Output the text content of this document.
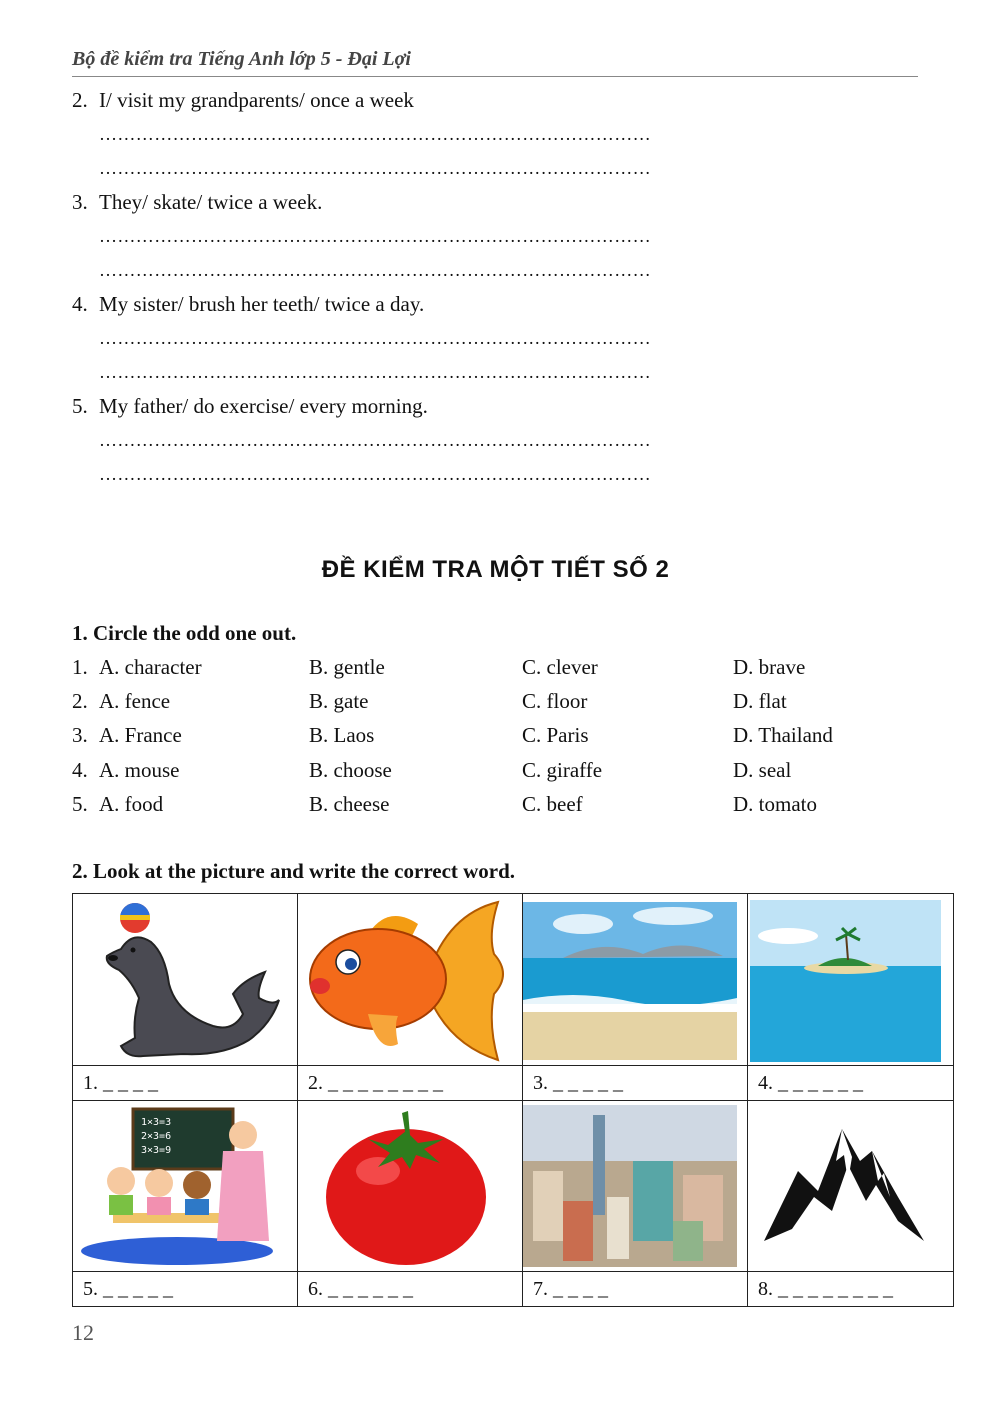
Bộ đề kiểm tra Tiếng Anh lớp 5 - Đại Lợi
2. I/ visit my grandparents/ once a week
………………………………………………………………………………
………………………………………………………………………………
3. They/ skate/ twice a week.
………………………………………………………………………………
………………………………………………………………………………
4. My sister/ brush her teeth/ twice a day.
………………………………………………………………………………
………………………………………………………………………………
5. My father/ do exercise/ every morning.
………………………………………………………………………………
………………………………………………………………………………
ĐỀ KIỂM TRA MỘT TIẾT SỐ 2
1. Circle the odd one out.
1. A. character	B. gentle	C. clever	D. brave
2. A. fence	B. gate	C. floor	D. flat
3. A. France	B. Laos	C. Paris	D. Thailand
4. A. mouse	B. choose	C. giraffe	D. seal
5. A. food	B. cheese	C. beef	D. tomato
2. Look at the picture and write the correct word.

1. _ _ _ _	2. _ _ _ _ _ _ _ _	3. _ _ _ _ _	4. _ _ _ _ _ _

1×3=3
2×3=6
3×3=9

5. _ _ _ _ _	6. _ _ _ _ _ _	7. _ _ _ _	8. _ _ _ _ _ _ _ _
12
